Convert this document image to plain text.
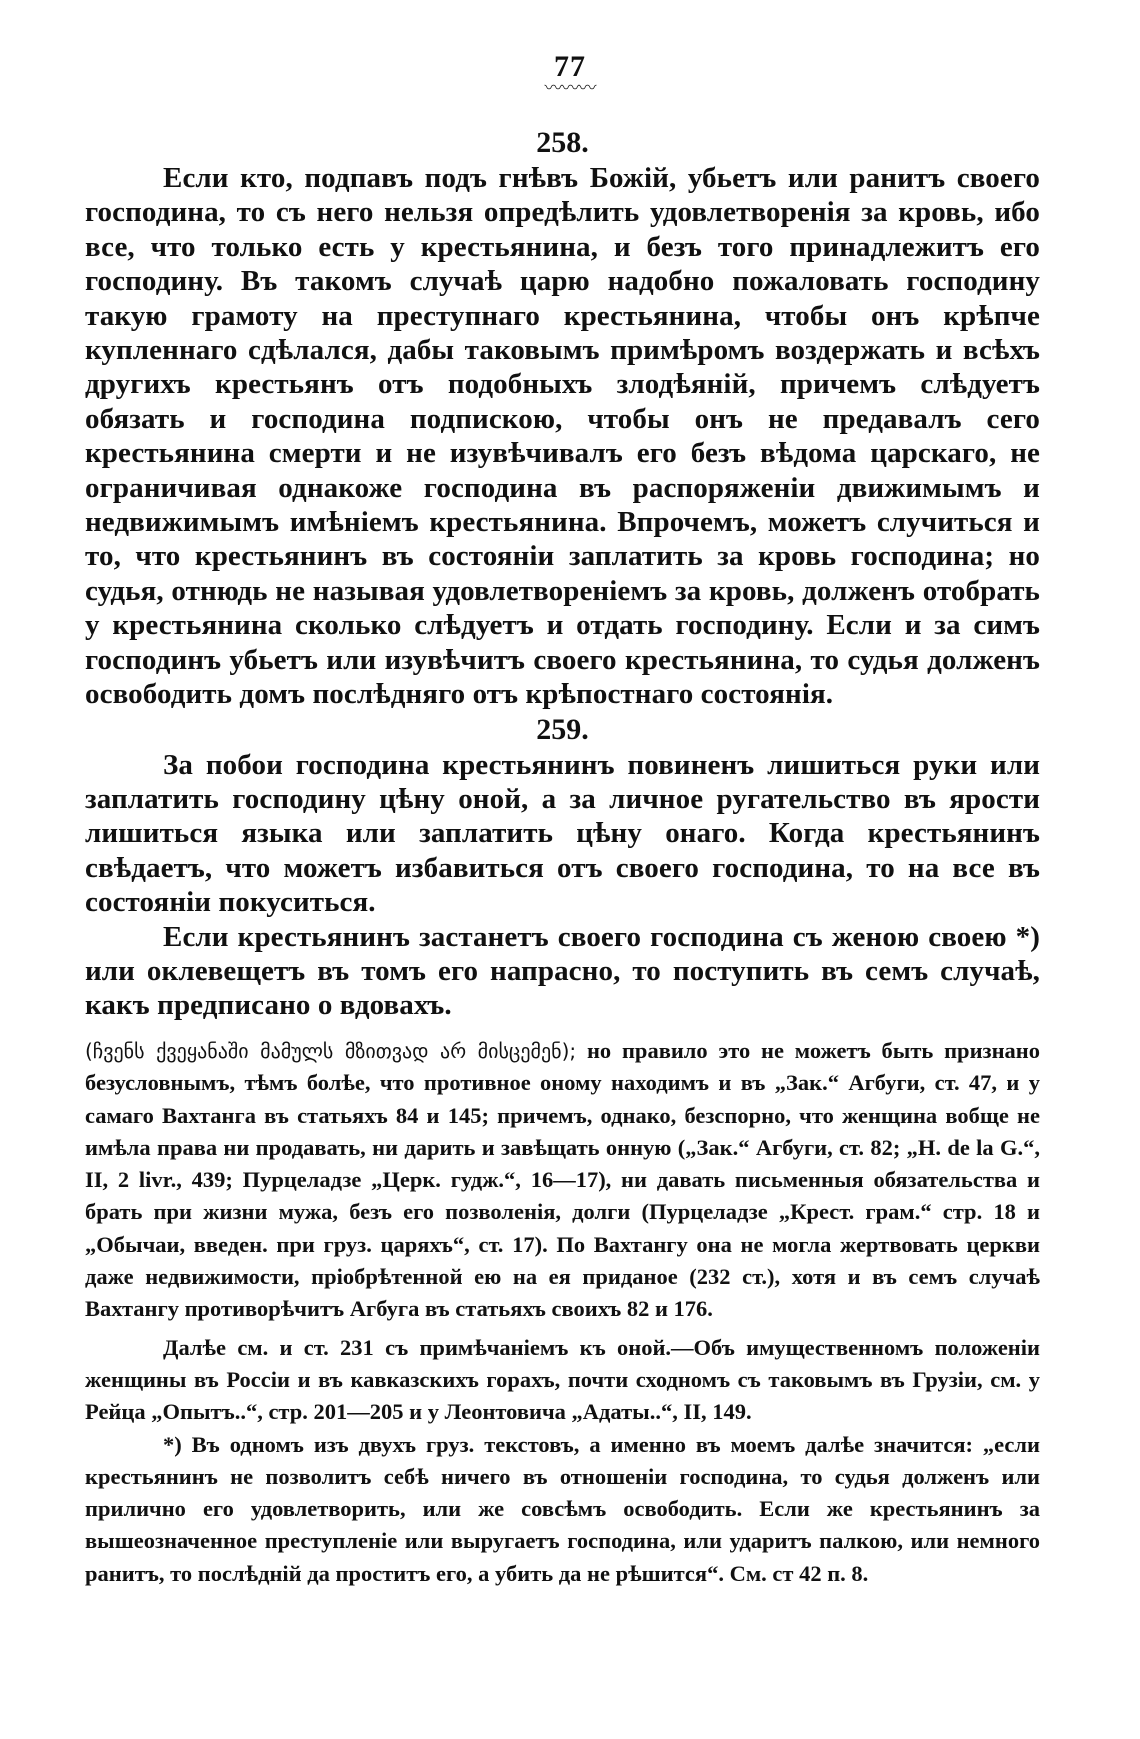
77
〰〰〰
258.

Если кто, подпавъ подъ гнѣвъ Божій, убьетъ или ранитъ своего господина, то съ него нельзя опредѣлить удовлетворенія за кровь, ибо все, что только есть у крестьянина, и безъ того принадлежитъ его господину. Въ такомъ случаѣ царю надобно пожаловать господину такую грамоту на преступнаго крестьянина, чтобы онъ крѣпче купленнаго сдѣлался, дабы таковымъ примѣромъ воздержать и всѣхъ другихъ крестьянъ отъ подобныхъ злодѣяній, причемъ слѣдуетъ обязать и господина подпискою, чтобы онъ не предавалъ сего крестьянина смерти и не изувѣчивалъ его безъ вѣдома царскаго, не ограничивая однакоже господина въ распоряженіи движимымъ и недвижимымъ имѣніемъ крестьянина. Впрочемъ, можетъ случиться и то, что крестьянинъ въ состояніи заплатить за кровь господина; но судья, отнюдь не называя удовлетвореніемъ за кровь, долженъ отобрать у крестьянина сколько слѣдуетъ и отдать господину. Если и за симъ господинъ убьетъ или изувѣчитъ своего крестьянина, то судья долженъ освободить домъ послѣдняго отъ крѣпостнаго состоянія.

259.

За побои господина крестьянинъ повиненъ лишиться руки или заплатить господину цѣну оной, а за личное ругательство въ ярости лишиться языка или заплатить цѣну онаго. Когда крестьянинъ свѣдаетъ, что можетъ избавиться отъ своего господина, то на все въ состояніи покуситься.

Если крестьянинъ застанетъ своего господина съ женою своею *) или оклевещетъ въ томъ его напрасно, то поступить въ семъ случаѣ, какъ предписано о вдовахъ.

(ჩვენს ქვეყანაში მამულს მზითვად არ მისცემენ); но правило это не можетъ быть признано безусловнымъ, тѣмъ болѣе, что противное оному находимъ и въ „Зак.“ Агбуги, ст. 47, и у самаго Вахтанга въ статьяхъ 84 и 145; причемъ, однако, безспорно, что женщина вобще не имѣла права ни продавать, ни дарить и завѣщать онную („Зак.“ Агбуги, ст. 82; „H. de la G.“, II, 2 livr., 439; Пурцеладзе „Церк. гудж.“, 16—17), ни давать письменныя обязательства и брать при жизни мужа, безъ его позволенія, долги (Пурцеладзе „Крест. грам.“ стр. 18 и „Обычаи, введен. при груз. царяхъ“, ст. 17). По Вахтангу она не могла жертвовать церкви даже недвижимости, пріобрѣтенной ею на ея приданое (232 ст.), хотя и въ семъ случаѣ Вахтангу противорѣчитъ Агбуга въ статьяхъ своихъ 82 и 176.

Далѣе см. и ст. 231 съ примѣчаніемъ къ оной.—Объ имущественномъ положеніи женщины въ Россіи и въ кавказскихъ горахъ, почти сходномъ съ таковымъ въ Грузіи, см. у Рейца „Опытъ..“, стр. 201—205 и у Леонтовича „Адаты..“, II, 149.

*) Въ одномъ изъ двухъ груз. текстовъ, а именно въ моемъ далѣе значится: „если крестьянинъ не позволитъ себѣ ничего въ отношеніи господина, то судья долженъ или прилично его удовлетворить, или же совсѣмъ освободить. Если же крестьянинъ за вышеозначенное преступленіе или выругаетъ господина, или ударитъ палкою, или немного ранитъ, то послѣдній да проститъ его, а убить да не рѣшится“. См. ст 42 п. 8.
